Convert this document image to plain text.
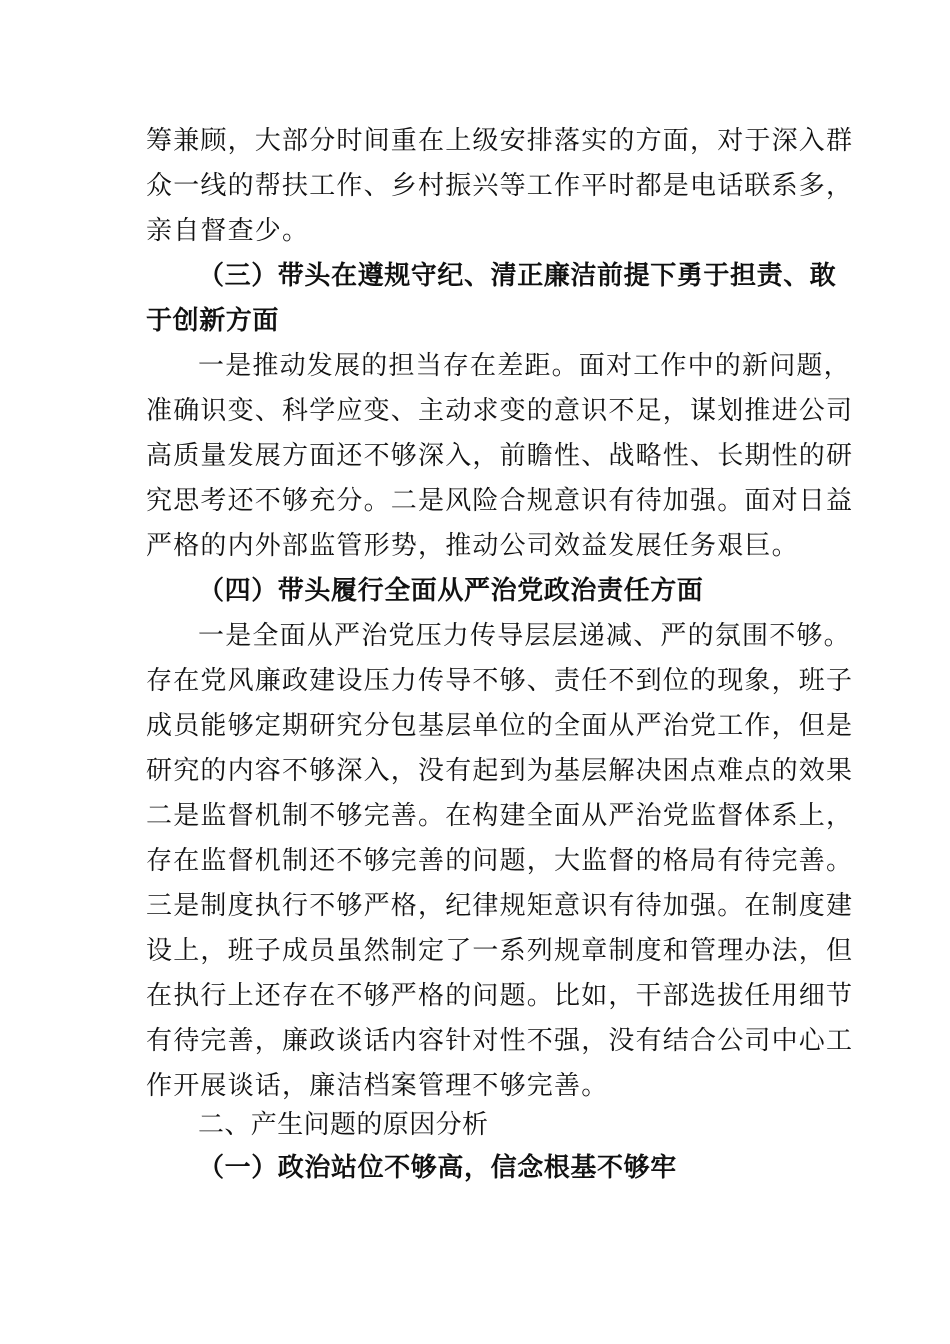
筹兼顾，大部分时间重在上级安排落实的方面，对于深入群
众一线的帮扶工作、乡村振兴等工作平时都是电话联系多，
亲自督查少。
（三）带头在遵规守纪、清正廉洁前提下勇于担责、敢
于创新方面
一是推动发展的担当存在差距。面对工作中的新问题，
准确识变、科学应变、主动求变的意识不足，谋划推进公司
高质量发展方面还不够深入，前瞻性、战略性、长期性的研
究思考还不够充分。二是风险合规意识有待加强。面对日益
严格的内外部监管形势，推动公司效益发展任务艰巨。
（四）带头履行全面从严治党政治责任方面
一是全面从严治党压力传导层层递减、严的氛围不够。
存在党风廉政建设压力传导不够、责任不到位的现象，班子
成员能够定期研究分包基层单位的全面从严治党工作，但是
研究的内容不够深入，没有起到为基层解决困点难点的效果
二是监督机制不够完善。在构建全面从严治党监督体系上，
存在监督机制还不够完善的问题，大监督的格局有待完善。
三是制度执行不够严格，纪律规矩意识有待加强。在制度建
设上，班子成员虽然制定了一系列规章制度和管理办法，但
在执行上还存在不够严格的问题。比如，干部选拔任用细节
有待完善，廉政谈话内容针对性不强，没有结合公司中心工
作开展谈话，廉洁档案管理不够完善。
二、产生问题的原因分析
（一）政治站位不够高，信念根基不够牢
